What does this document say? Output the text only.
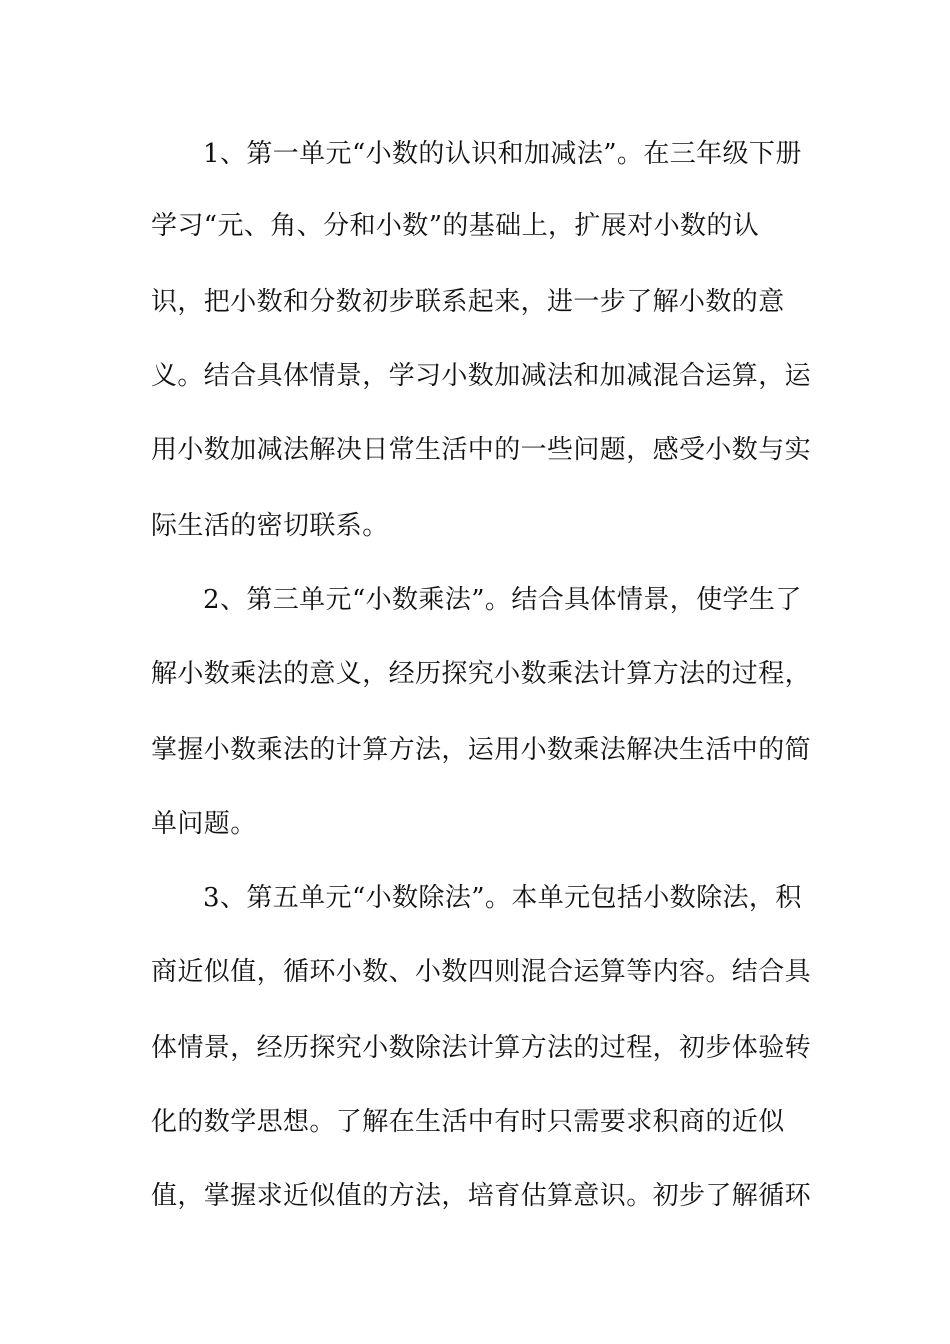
1、第一单元“小数的认识和加减法”。在三年级下册
学习“元、角、分和小数”的基础上，扩展对小数的认
识，把小数和分数初步联系起来，进一步了解小数的意
义。结合具体情景，学习小数加减法和加减混合运算，运
用小数加减法解决日常生活中的一些问题，感受小数与实
际生活的密切联系。
2、第三单元“小数乘法”。结合具体情景，使学生了
解小数乘法的意义，经历探究小数乘法计算方法的过程，
掌握小数乘法的计算方法，运用小数乘法解决生活中的简
单问题。
3、第五单元“小数除法”。本单元包括小数除法，积
商近似值，循环小数、小数四则混合运算等内容。结合具
体情景，经历探究小数除法计算方法的过程，初步体验转
化的数学思想。了解在生活中有时只需要求积商的近似
值，掌握求近似值的方法，培育估算意识。初步了解循环
